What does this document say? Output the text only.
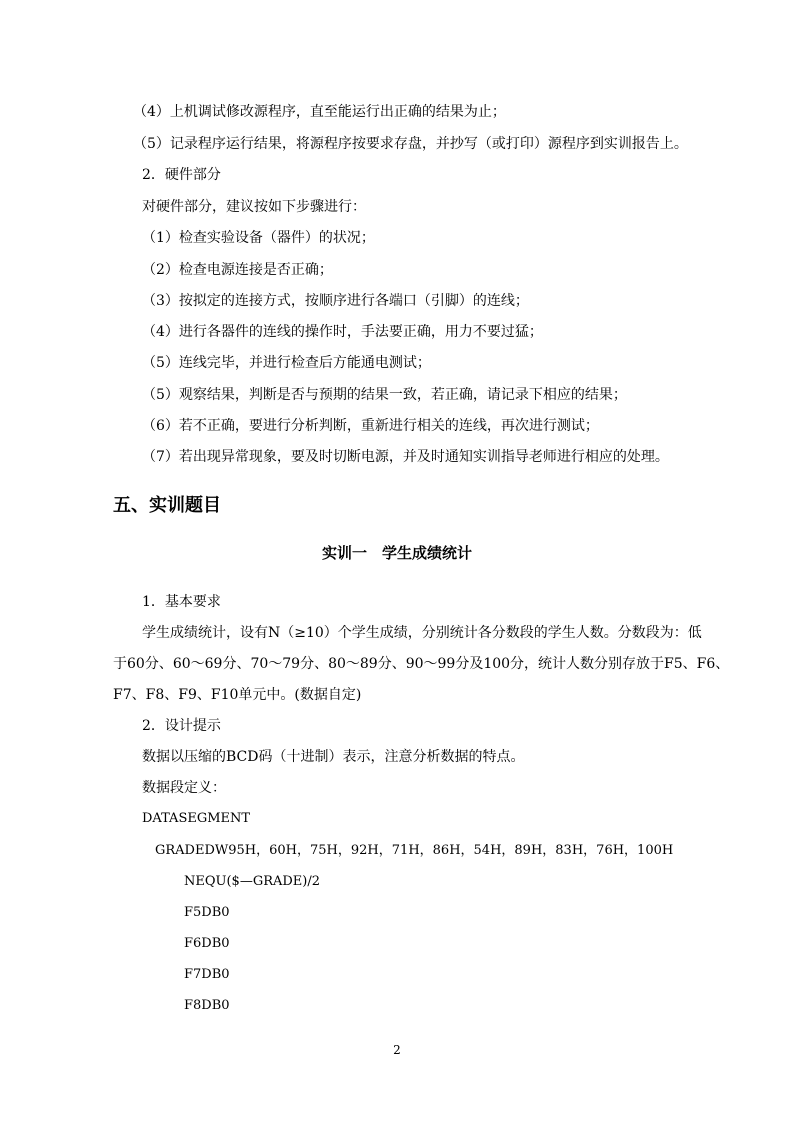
（4）上机调试修改源程序，直至能运行出正确的结果为止；

（5）记录程序运行结果，将源程序按要求存盘，并抄写（或打印）源程序到实训报告上。

2．硬件部分

对硬件部分，建议按如下步骤进行：

（1）检查实验设备（器件）的状况；

（2）检查电源连接是否正确；

（3）按拟定的连接方式，按顺序进行各端口（引脚）的连线；

（4）进行各器件的连线的操作时，手法要正确，用力不要过猛；

（5）连线完毕，并进行检查后方能通电测试；

（5）观察结果，判断是否与预期的结果一致，若正确，请记录下相应的结果；

（6）若不正确，要进行分析判断，重新进行相关的连线，再次进行测试；

（7）若出现异常现象，要及时切断电源，并及时通知实训指导老师进行相应的处理。

五、实训题目
实训一　学生成绩统计

1．基本要求

学生成绩统计，设有N（≥10）个学生成绩，分别统计各分数段的学生人数。分数段为：低

于60分、60～69分、70～79分、80～89分、90～99分及100分，统计人数分别存放于F5、F6、

F7、F8、F9、F10单元中。(数据自定)

2．设计提示

数据以压缩的BCD码（十进制）表示，注意分析数据的特点。

数据段定义：

DATASEGMENT

GRADEDW95H，60H，75H，92H，71H，86H，54H，89H，83H，76H，100H

NEQU($—GRADE)/2

F5DB0

F6DB0

F7DB0

F8DB0

2
